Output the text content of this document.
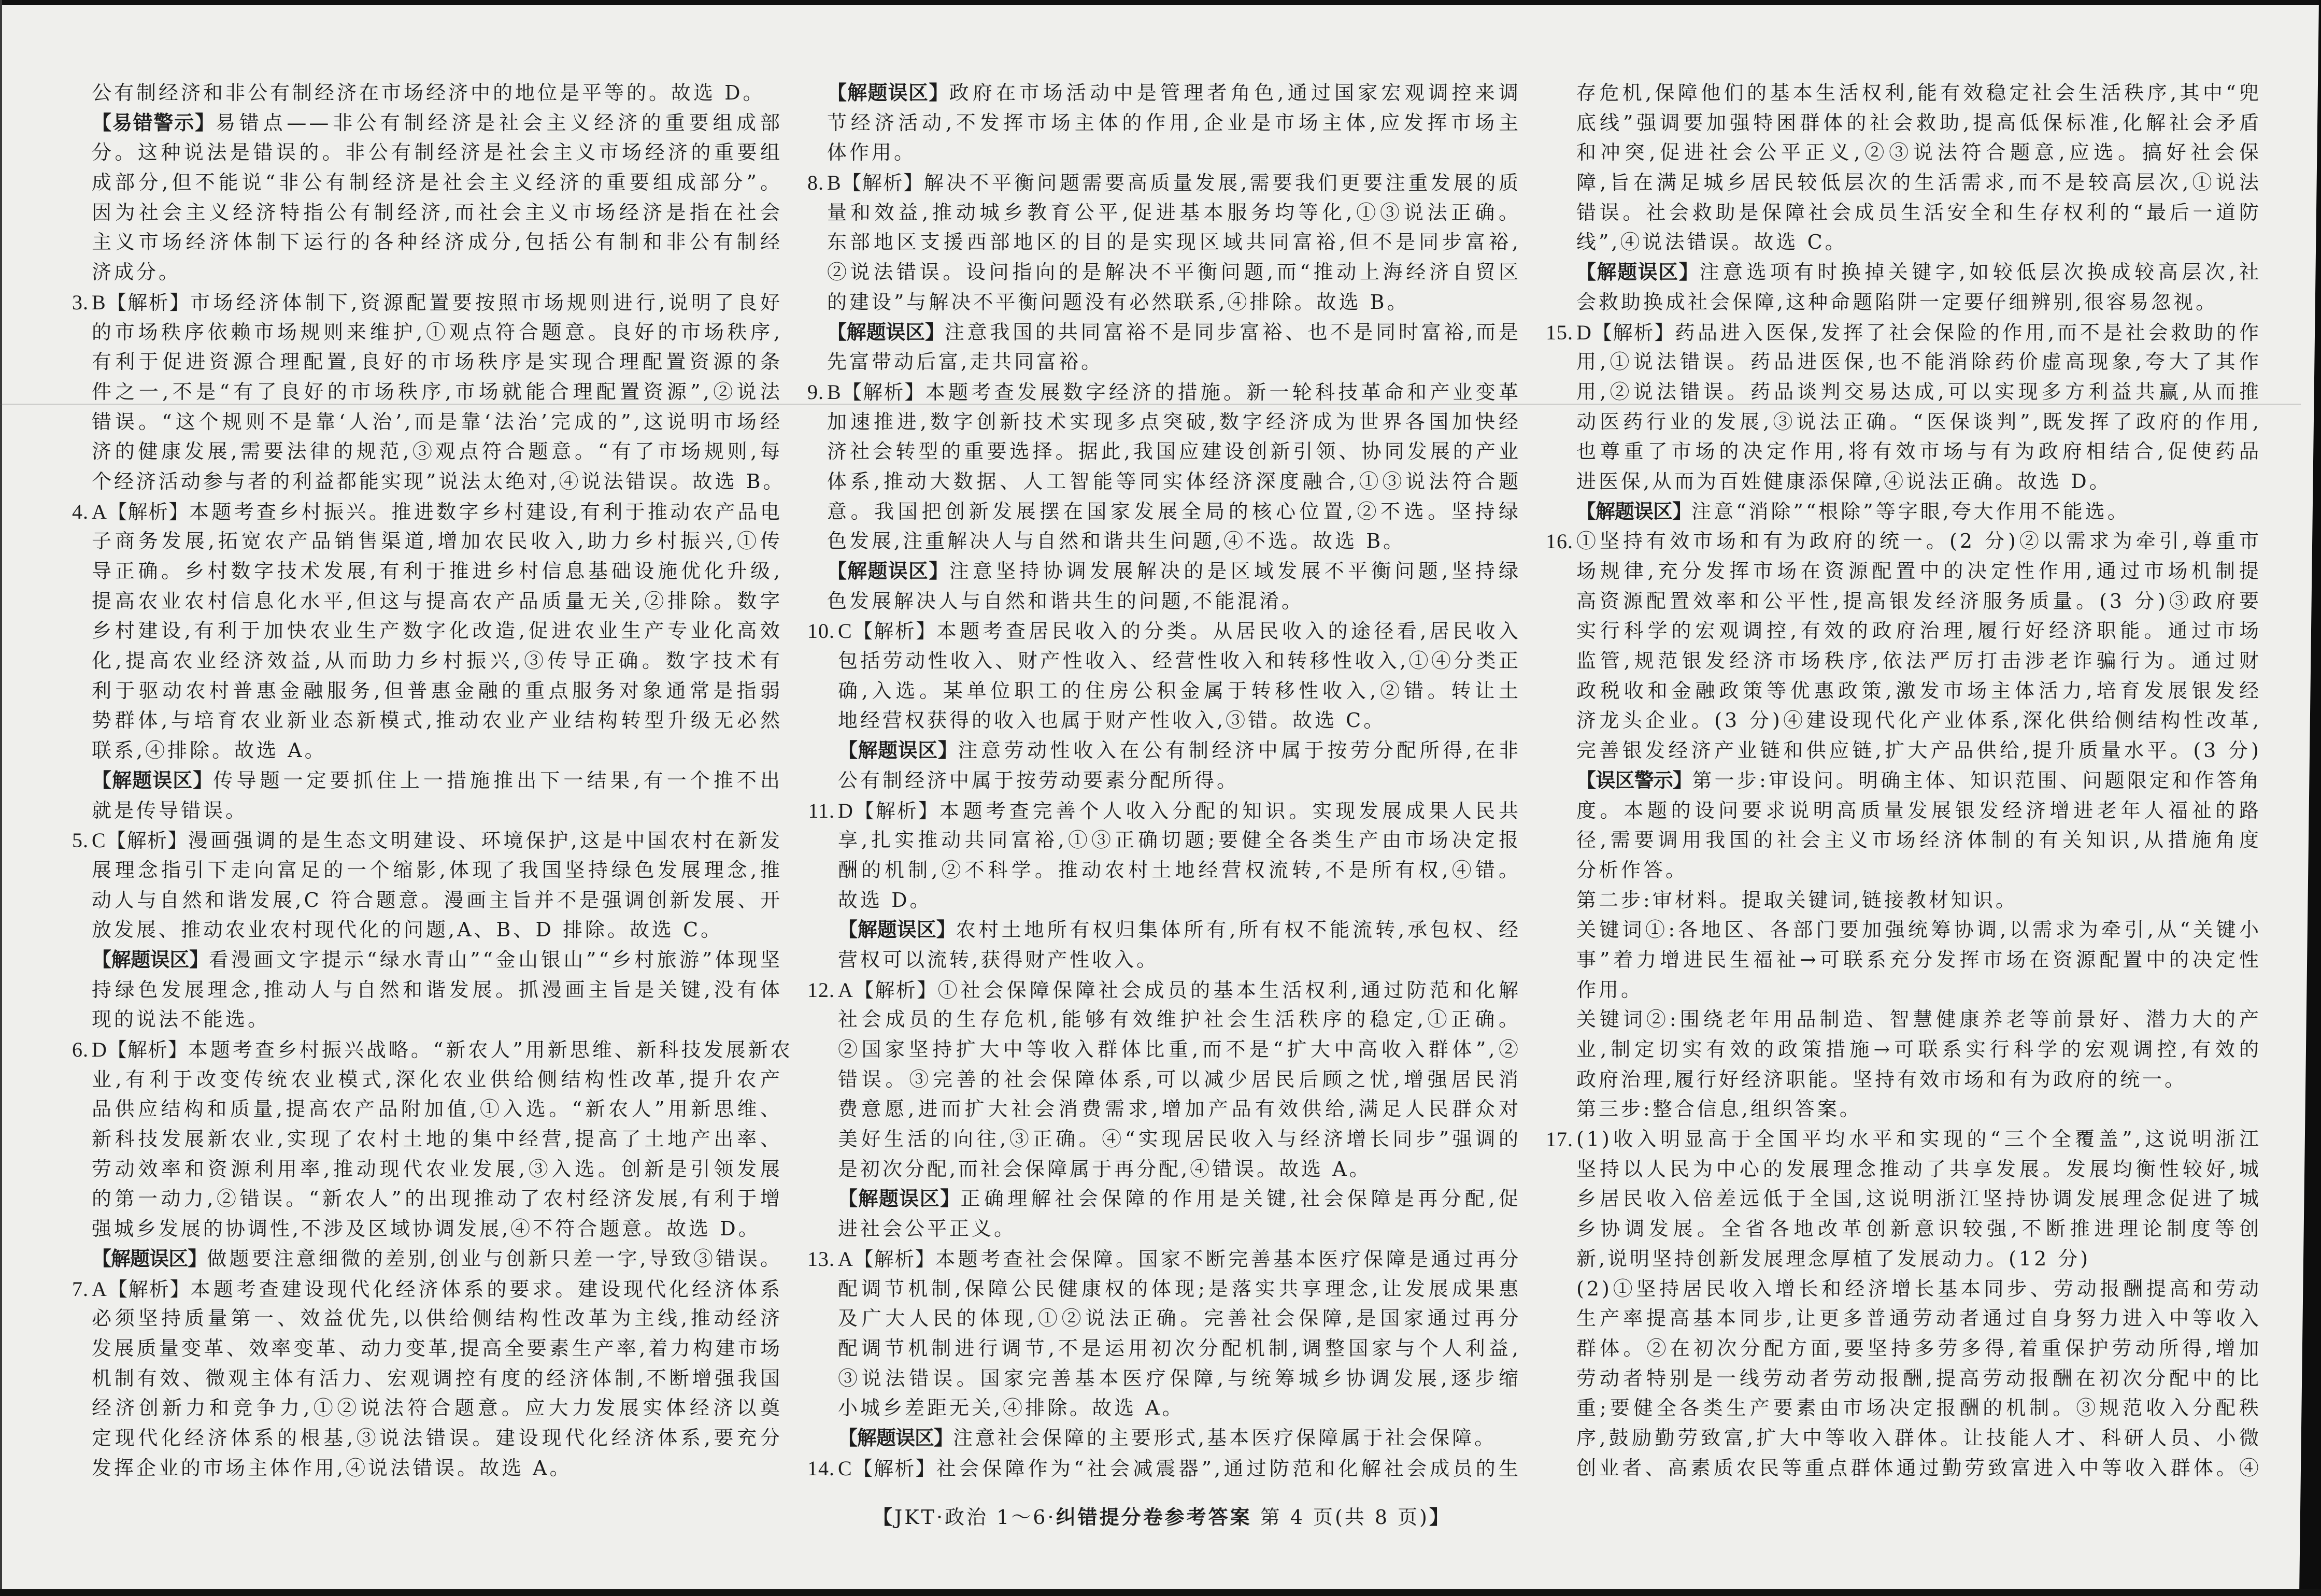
公有制经济和非公有制经济在市场经济中的地位是平等的。故选 D。
【易错警示】易错点——非公有制经济是社会主义经济的重要组成部
分。这种说法是错误的。非公有制经济是社会主义市场经济的重要组
成部分,但不能说“非公有制经济是社会主义经济的重要组成部分”。
因为社会主义经济特指公有制经济,而社会主义市场经济是指在社会
主义市场经济体制下运行的各种经济成分,包括公有制和非公有制经
济成分。
3. B【解析】市场经济体制下,资源配置要按照市场规则进行,说明了良好
的市场秩序依赖市场规则来维护,①观点符合题意。良好的市场秩序,
有利于促进资源合理配置,良好的市场秩序是实现合理配置资源的条
件之一,不是“有了良好的市场秩序,市场就能合理配置资源”,②说法
错误。“这个规则不是靠‘人治’,而是靠‘法治’完成的”,这说明市场经
济的健康发展,需要法律的规范,③观点符合题意。“有了市场规则,每
个经济活动参与者的利益都能实现”说法太绝对,④说法错误。故选 B。
4. A【解析】本题考查乡村振兴。推进数字乡村建设,有利于推动农产品电
子商务发展,拓宽农产品销售渠道,增加农民收入,助力乡村振兴,①传
导正确。乡村数字技术发展,有利于推进乡村信息基础设施优化升级,
提高农业农村信息化水平,但这与提高农产品质量无关,②排除。数字
乡村建设,有利于加快农业生产数字化改造,促进农业生产专业化高效
化,提高农业经济效益,从而助力乡村振兴,③传导正确。数字技术有
利于驱动农村普惠金融服务,但普惠金融的重点服务对象通常是指弱
势群体,与培育农业新业态新模式,推动农业产业结构转型升级无必然
联系,④排除。故选 A。
【解题误区】传导题一定要抓住上一措施推出下一结果,有一个推不出
就是传导错误。
5. C【解析】漫画强调的是生态文明建设、环境保护,这是中国农村在新发
展理念指引下走向富足的一个缩影,体现了我国坚持绿色发展理念,推
动人与自然和谐发展,C 符合题意。漫画主旨并不是强调创新发展、开
放发展、推动农业农村现代化的问题,A、B、D 排除。故选 C。
【解题误区】看漫画文字提示“绿水青山”“金山银山”“乡村旅游”体现坚
持绿色发展理念,推动人与自然和谐发展。抓漫画主旨是关键,没有体
现的说法不能选。
6. D【解析】本题考查乡村振兴战略。“新农人”用新思维、新科技发展新农
业,有利于改变传统农业模式,深化农业供给侧结构性改革,提升农产
品供应结构和质量,提高农产品附加值,①入选。“新农人”用新思维、
新科技发展新农业,实现了农村土地的集中经营,提高了土地产出率、
劳动效率和资源利用率,推动现代农业发展,③入选。创新是引领发展
的第一动力,②错误。“新农人”的出现推动了农村经济发展,有利于增
强城乡发展的协调性,不涉及区域协调发展,④不符合题意。故选 D。
【解题误区】做题要注意细微的差别,创业与创新只差一字,导致③错误。
7. A【解析】本题考查建设现代化经济体系的要求。建设现代化经济体系
必须坚持质量第一、效益优先,以供给侧结构性改革为主线,推动经济
发展质量变革、效率变革、动力变革,提高全要素生产率,着力构建市场
机制有效、微观主体有活力、宏观调控有度的经济体制,不断增强我国
经济创新力和竞争力,①②说法符合题意。应大力发展实体经济以奠
定现代化经济体系的根基,③说法错误。建设现代化经济体系,要充分
发挥企业的市场主体作用,④说法错误。故选 A。
【解题误区】政府在市场活动中是管理者角色,通过国家宏观调控来调
节经济活动,不发挥市场主体的作用,企业是市场主体,应发挥市场主
体作用。
8. B【解析】解决不平衡问题需要高质量发展,需要我们更要注重发展的质
量和效益,推动城乡教育公平,促进基本服务均等化,①③说法正确。
东部地区支援西部地区的目的是实现区域共同富裕,但不是同步富裕,
②说法错误。设问指向的是解决不平衡问题,而“推动上海经济自贸区
的建设”与解决不平衡问题没有必然联系,④排除。故选 B。
【解题误区】注意我国的共同富裕不是同步富裕、也不是同时富裕,而是
先富带动后富,走共同富裕。
9. B【解析】本题考查发展数字经济的措施。新一轮科技革命和产业变革
加速推进,数字创新技术实现多点突破,数字经济成为世界各国加快经
济社会转型的重要选择。据此,我国应建设创新引领、协同发展的产业
体系,推动大数据、人工智能等同实体经济深度融合,①③说法符合题
意。我国把创新发展摆在国家发展全局的核心位置,②不选。坚持绿
色发展,注重解决人与自然和谐共生问题,④不选。故选 B。
【解题误区】注意坚持协调发展解决的是区域发展不平衡问题,坚持绿
色发展解决人与自然和谐共生的问题,不能混淆。
10. C【解析】本题考查居民收入的分类。从居民收入的途径看,居民收入
包括劳动性收入、财产性收入、经营性收入和转移性收入,①④分类正
确,入选。某单位职工的住房公积金属于转移性收入,②错。转让土
地经营权获得的收入也属于财产性收入,③错。故选 C。
【解题误区】注意劳动性收入在公有制经济中属于按劳分配所得,在非
公有制经济中属于按劳动要素分配所得。
11. D【解析】本题考查完善个人收入分配的知识。实现发展成果人民共
享,扎实推动共同富裕,①③正确切题;要健全各类生产由市场决定报
酬的机制,②不科学。推动农村土地经营权流转,不是所有权,④错。
故选 D。
【解题误区】农村土地所有权归集体所有,所有权不能流转,承包权、经
营权可以流转,获得财产性收入。
12. A【解析】①社会保障保障社会成员的基本生活权利,通过防范和化解
社会成员的生存危机,能够有效维护社会生活秩序的稳定,①正确。
②国家坚持扩大中等收入群体比重,而不是“扩大中高收入群体”,②
错误。③完善的社会保障体系,可以减少居民后顾之忧,增强居民消
费意愿,进而扩大社会消费需求,增加产品有效供给,满足人民群众对
美好生活的向往,③正确。④“实现居民收入与经济增长同步”强调的
是初次分配,而社会保障属于再分配,④错误。故选 A。
【解题误区】正确理解社会保障的作用是关键,社会保障是再分配,促
进社会公平正义。
13. A【解析】本题考查社会保障。国家不断完善基本医疗保障是通过再分
配调节机制,保障公民健康权的体现;是落实共享理念,让发展成果惠
及广大人民的体现,①②说法正确。完善社会保障,是国家通过再分
配调节机制进行调节,不是运用初次分配机制,调整国家与个人利益,
③说法错误。国家完善基本医疗保障,与统筹城乡协调发展,逐步缩
小城乡差距无关,④排除。故选 A。
【解题误区】注意社会保障的主要形式,基本医疗保障属于社会保障。
14. C【解析】社会保障作为“社会减震器”,通过防范和化解社会成员的生
存危机,保障他们的基本生活权利,能有效稳定社会生活秩序,其中“兜
底线”强调要加强特困群体的社会救助,提高低保标准,化解社会矛盾
和冲突,促进社会公平正义,②③说法符合题意,应选。搞好社会保
障,旨在满足城乡居民较低层次的生活需求,而不是较高层次,①说法
错误。社会救助是保障社会成员生活安全和生存权利的“最后一道防
线”,④说法错误。故选 C。
【解题误区】注意选项有时换掉关键字,如较低层次换成较高层次,社
会救助换成社会保障,这种命题陷阱一定要仔细辨别,很容易忽视。
15. D【解析】药品进入医保,发挥了社会保险的作用,而不是社会救助的作
用,①说法错误。药品进医保,也不能消除药价虚高现象,夸大了其作
用,②说法错误。药品谈判交易达成,可以实现多方利益共赢,从而推
动医药行业的发展,③说法正确。“医保谈判”,既发挥了政府的作用,
也尊重了市场的决定作用,将有效市场与有为政府相结合,促使药品
进医保,从而为百姓健康添保障,④说法正确。故选 D。
【解题误区】注意“消除”“根除”等字眼,夸大作用不能选。
16. ①坚持有效市场和有为政府的统一。(2 分)②以需求为牵引,尊重市
场规律,充分发挥市场在资源配置中的决定性作用,通过市场机制提
高资源配置效率和公平性,提高银发经济服务质量。(3 分)③政府要
实行科学的宏观调控,有效的政府治理,履行好经济职能。通过市场
监管,规范银发经济市场秩序,依法严厉打击涉老诈骗行为。通过财
政税收和金融政策等优惠政策,激发市场主体活力,培育发展银发经
济龙头企业。(3 分)④建设现代化产业体系,深化供给侧结构性改革,
完善银发经济产业链和供应链,扩大产品供给,提升质量水平。(3 分)
【误区警示】第一步:审设问。明确主体、知识范围、问题限定和作答角
度。本题的设问要求说明高质量发展银发经济增进老年人福祉的路
径,需要调用我国的社会主义市场经济体制的有关知识,从措施角度
分析作答。
第二步:审材料。提取关键词,链接教材知识。
关键词①:各地区、各部门要加强统筹协调,以需求为牵引,从“关键小
事”着力增进民生福祉→可联系充分发挥市场在资源配置中的决定性
作用。
关键词②:围绕老年用品制造、智慧健康养老等前景好、潜力大的产
业,制定切实有效的政策措施→可联系实行科学的宏观调控,有效的
政府治理,履行好经济职能。坚持有效市场和有为政府的统一。
第三步:整合信息,组织答案。
17. (1)收入明显高于全国平均水平和实现的“三个全覆盖”,这说明浙江
坚持以人民为中心的发展理念推动了共享发展。发展均衡性较好,城
乡居民收入倍差远低于全国,这说明浙江坚持协调发展理念促进了城
乡协调发展。全省各地改革创新意识较强,不断推进理论制度等创
新,说明坚持创新发展理念厚植了发展动力。(12 分)
(2)①坚持居民收入增长和经济增长基本同步、劳动报酬提高和劳动
生产率提高基本同步,让更多普通劳动者通过自身努力进入中等收入
群体。②在初次分配方面,要坚持多劳多得,着重保护劳动所得,增加
劳动者特别是一线劳动者劳动报酬,提高劳动报酬在初次分配中的比
重;要健全各类生产要素由市场决定报酬的机制。③规范收入分配秩
序,鼓励勤劳致富,扩大中等收入群体。让技能人才、科研人员、小微
创业者、高素质农民等重点群体通过勤劳致富进入中等收入群体。④
【JKT·政治 1～6·纠错提分卷参考答案 第 4 页(共 8 页)】
